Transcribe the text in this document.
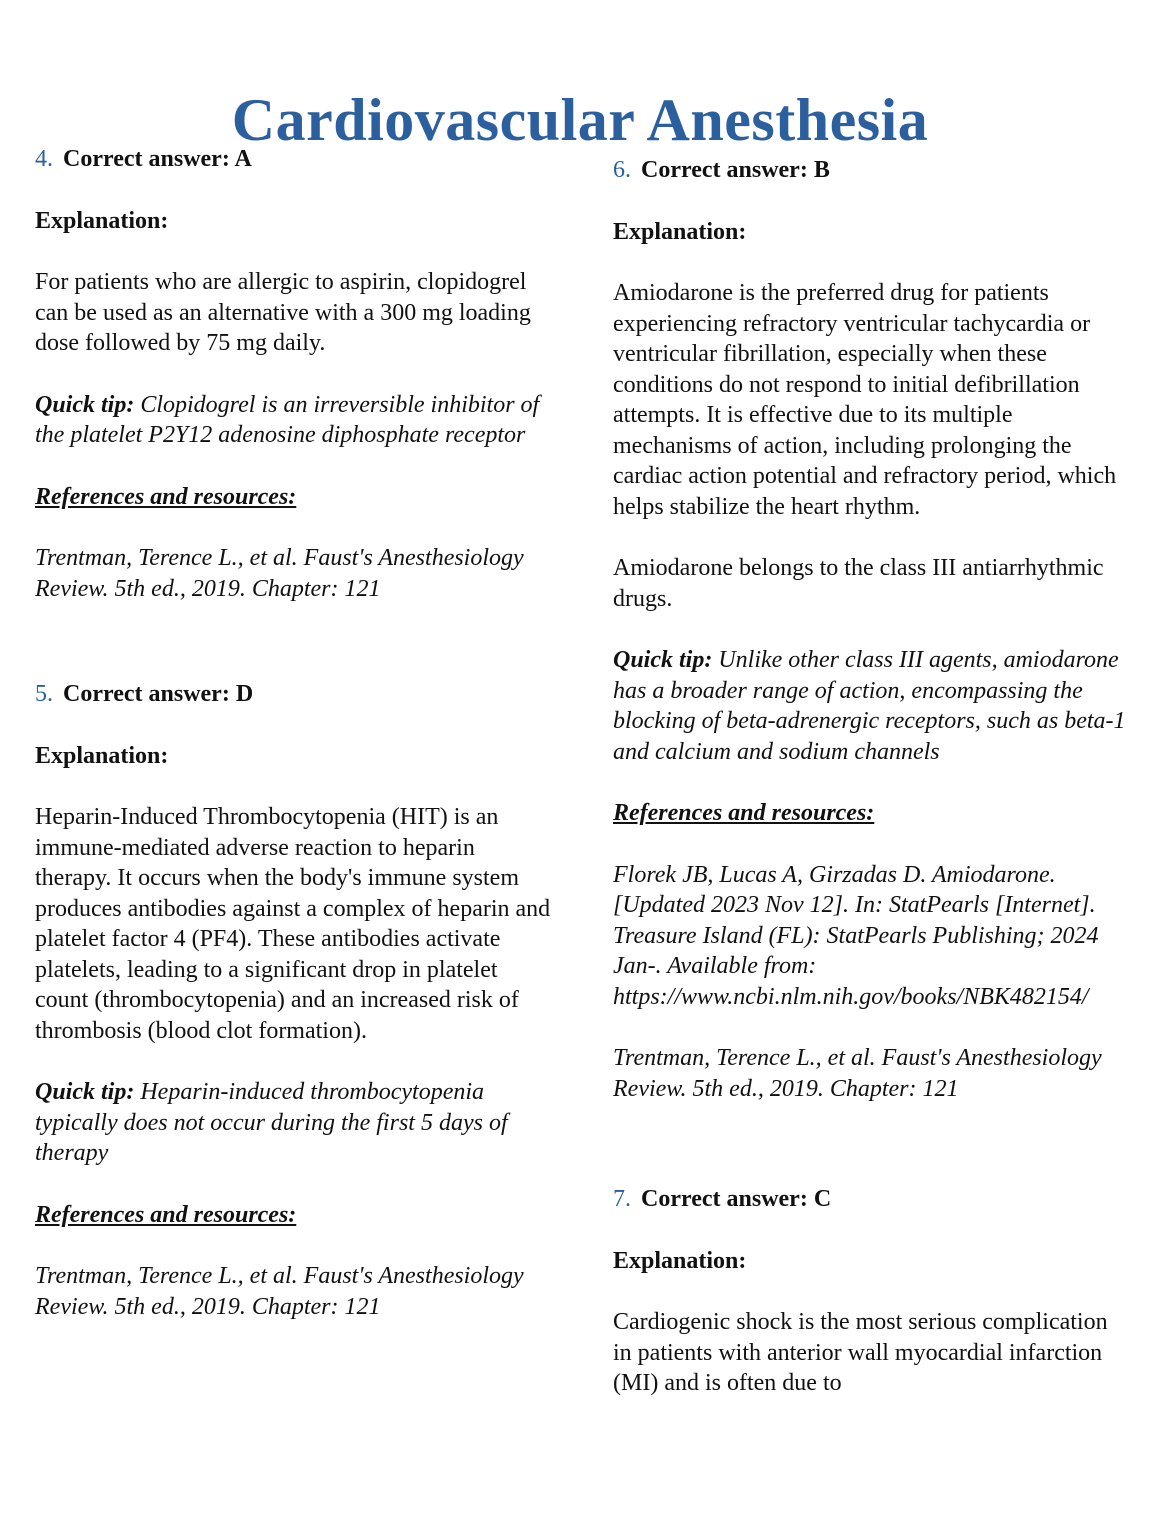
Cardiovascular Anesthesia
4. Correct answer: A

Explanation:

For patients who are allergic to aspirin, clopidogrel can be used as an alternative with a 300 mg loading dose followed by 75 mg daily.

Quick tip: Clopidogrel is an irreversible inhibitor of the platelet P2Y12 adenosine diphosphate receptor

References and resources:

Trentman, Terence L., et al. Faust's Anesthesiology Review. 5th ed., 2019. Chapter: 121

5. Correct answer: D

Explanation:

Heparin-Induced Thrombocytopenia (HIT) is an immune-mediated adverse reaction to heparin therapy. It occurs when the body's immune system produces antibodies against a complex of heparin and platelet factor 4 (PF4). These antibodies activate platelets, leading to a significant drop in platelet count (thrombocytopenia) and an increased risk of thrombosis (blood clot formation).

Quick tip: Heparin-induced thrombocytopenia typically does not occur during the first 5 days of therapy

References and resources:

Trentman, Terence L., et al. Faust's Anesthesiology Review. 5th ed., 2019. Chapter: 121

6. Correct answer: B

Explanation:

Amiodarone is the preferred drug for patients experiencing refractory ventricular tachycardia or ventricular fibrillation, especially when these conditions do not respond to initial defibrillation attempts. It is effective due to its multiple mechanisms of action, including prolonging the cardiac action potential and refractory period, which helps stabilize the heart rhythm.

Amiodarone belongs to the class III antiarrhythmic drugs.

Quick tip: Unlike other class III agents, amiodarone has a broader range of action, encompassing the blocking of beta-adrenergic receptors, such as beta-1 and calcium and sodium channels

References and resources:

Florek JB, Lucas A, Girzadas D. Amiodarone. [Updated 2023 Nov 12]. In: StatPearls [Internet]. Treasure Island (FL): StatPearls Publishing; 2024 Jan-. Available from: https://www.ncbi.nlm.nih.gov/books/NBK482154/

Trentman, Terence L., et al. Faust's Anesthesiology Review. 5th ed., 2019. Chapter: 121

7. Correct answer: C

Explanation:

Cardiogenic shock is the most serious complication in patients with anterior wall myocardial infarction (MI) and is often due to
